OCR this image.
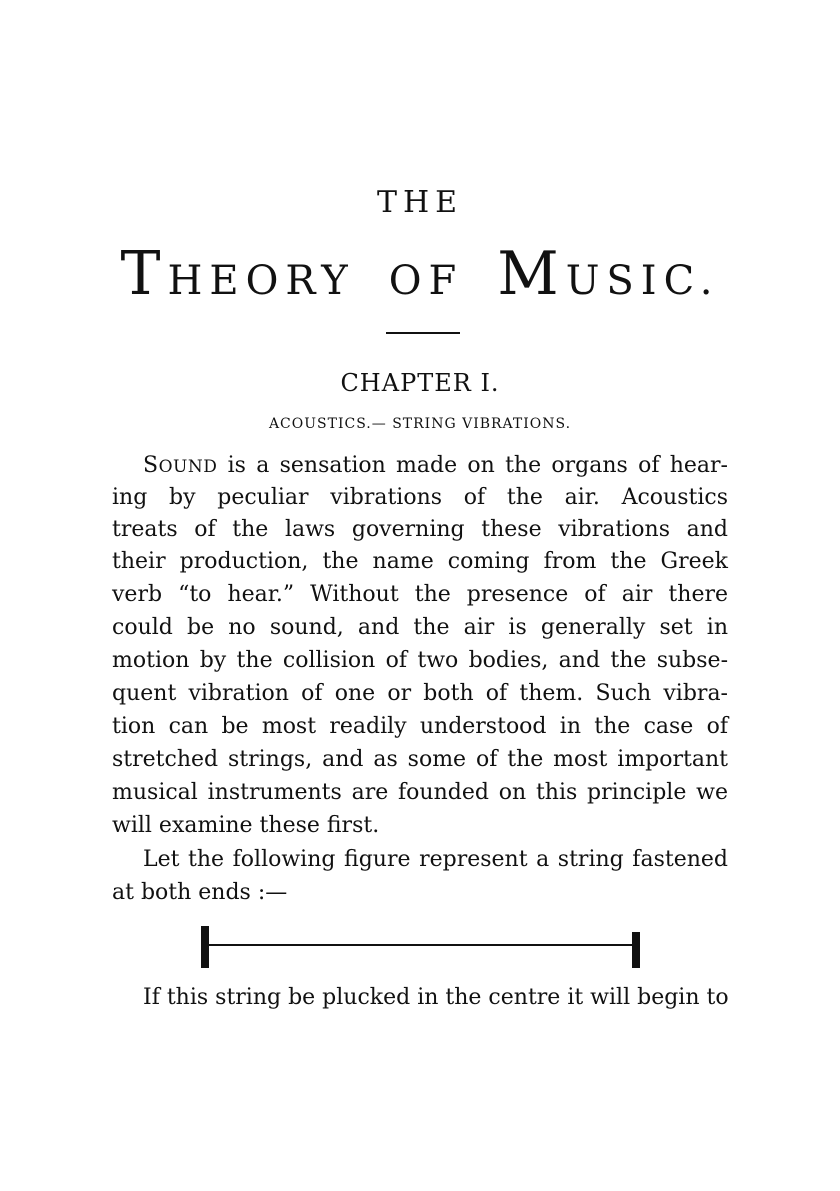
THE
THEORY OF MUSIC.
CHAPTER I.
ACOUSTICS.— STRING VIBRATIONS.
SOUND is a sensation made on the organs of hear-
ing by peculiar vibrations of the air. Acoustics
treats of the laws governing these vibrations and
their production, the name coming from the Greek
verb “to hear.” Without the presence of air there
could be no sound, and the air is generally set in
motion by the collision of two bodies, and the subse-
quent vibration of one or both of them. Such vibra-
tion can be most readily understood in the case of
stretched strings, and as some of the most important
musical instruments are founded on this principle we
will examine these first.
Let the following figure represent a string fastened
at both ends :—
If this string be plucked in the centre it will begin to
